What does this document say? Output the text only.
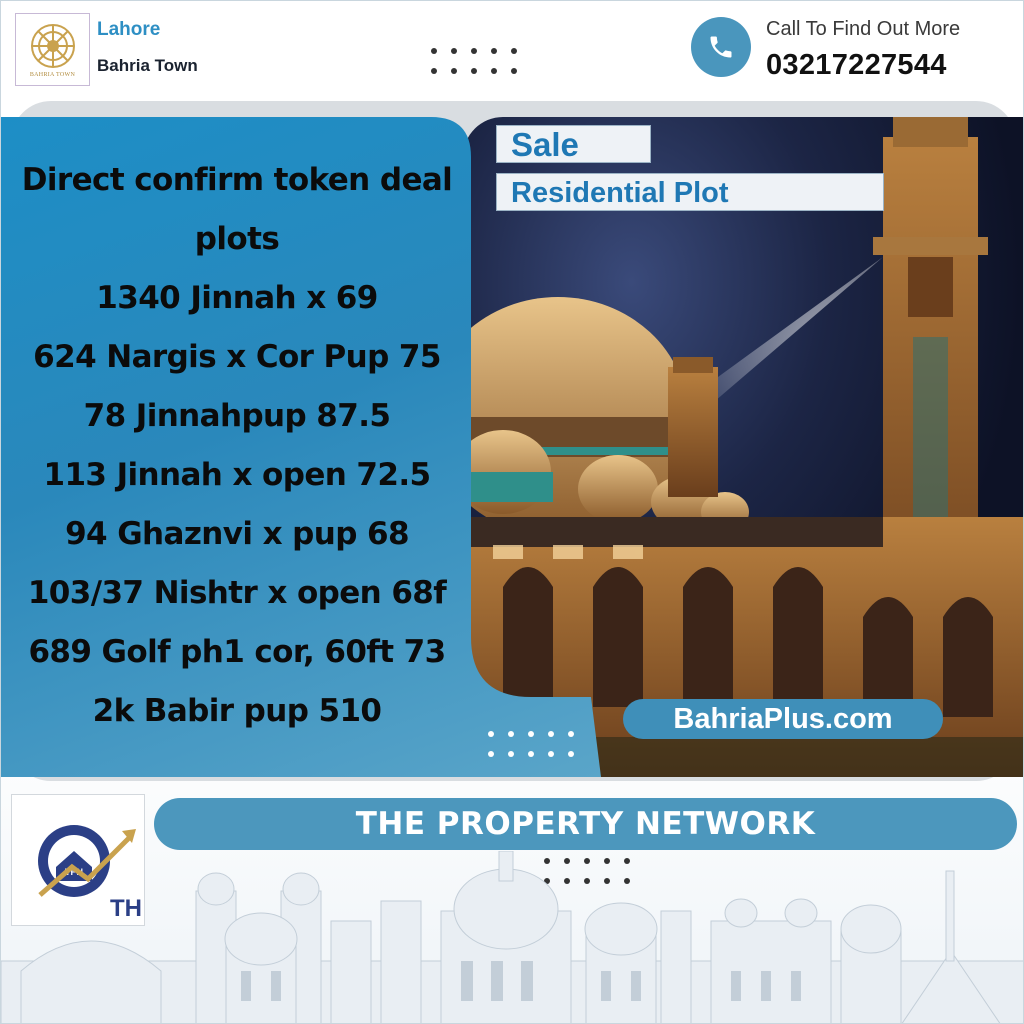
BAHRIA TOWN
Lahore
Bahria Town
Call To Find Out More
03217227544
Direct confirm token deal
plots
1340 Jinnah x 69
624 Nargis x Cor Pup 75
78 Jinnahpup 87.5
113 Jinnah x open 72.5
94 Ghaznvi x pup 68
103/37 Nishtr x open 68f
689 Golf ph1 cor, 60ft 73
2k Babir pup 510
Sale
Residential Plot
BahriaPlus.com
TPN
TH
THE PROPERTY NETWORK
